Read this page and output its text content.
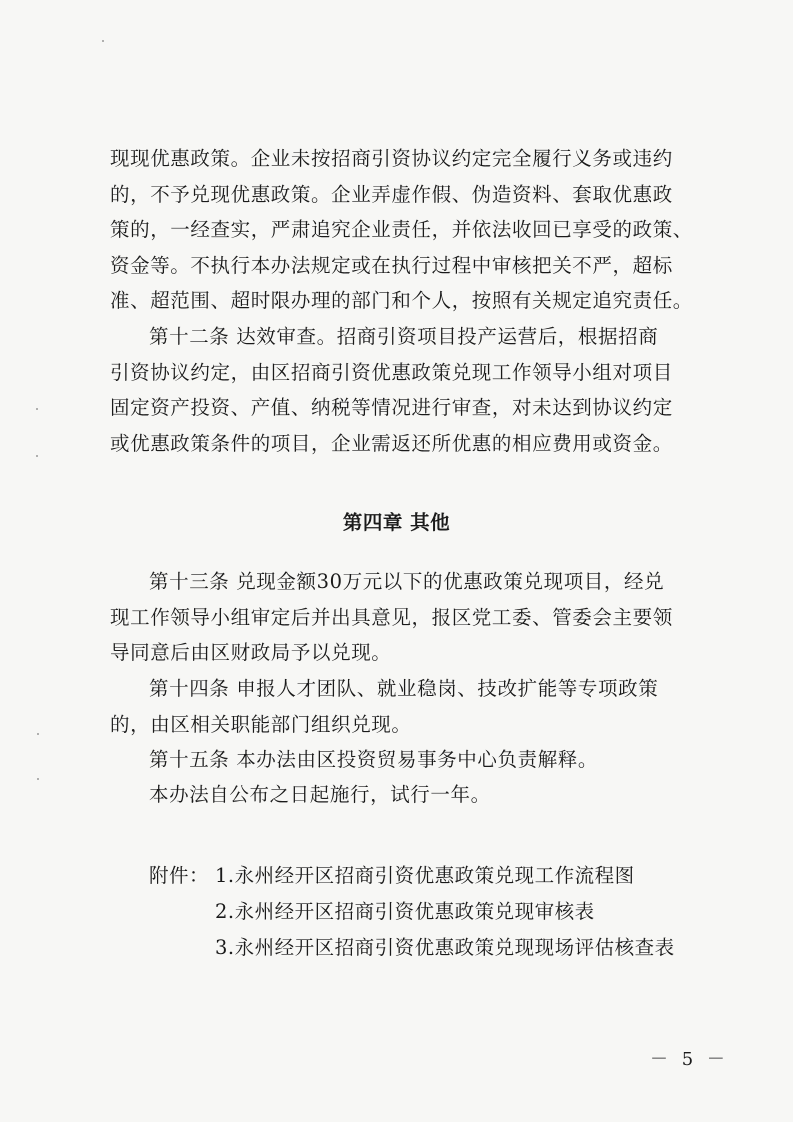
现现优惠政策。企业未按招商引资协议约定完全履行义务或违约
的，不予兑现优惠政策。企业弄虚作假、伪造资料、套取优惠政
策的，一经查实，严肃追究企业责任，并依法收回已享受的政策、
资金等。不执行本办法规定或在执行过程中审核把关不严，超标
准、超范围、超时限办理的部门和个人，按照有关规定追究责任。
第十二条 达效审查。招商引资项目投产运营后，根据招商
引资协议约定，由区招商引资优惠政策兑现工作领导小组对项目
固定资产投资、产值、纳税等情况进行审查，对未达到协议约定
或优惠政策条件的项目，企业需返还所优惠的相应费用或资金。
第四章 其他
第十三条 兑现金额30万元以下的优惠政策兑现项目，经兑
现工作领导小组审定后并出具意见，报区党工委、管委会主要领
导同意后由区财政局予以兑现。
第十四条 申报人才团队、就业稳岗、技改扩能等专项政策
的，由区相关职能部门组织兑现。
第十五条 本办法由区投资贸易事务中心负责解释。
本办法自公布之日起施行，试行一年。
附件： 1.永州经开区招商引资优惠政策兑现工作流程图
2.永州经开区招商引资优惠政策兑现审核表
3.永州经开区招商引资优惠政策兑现现场评估核查表
－ 5 －
